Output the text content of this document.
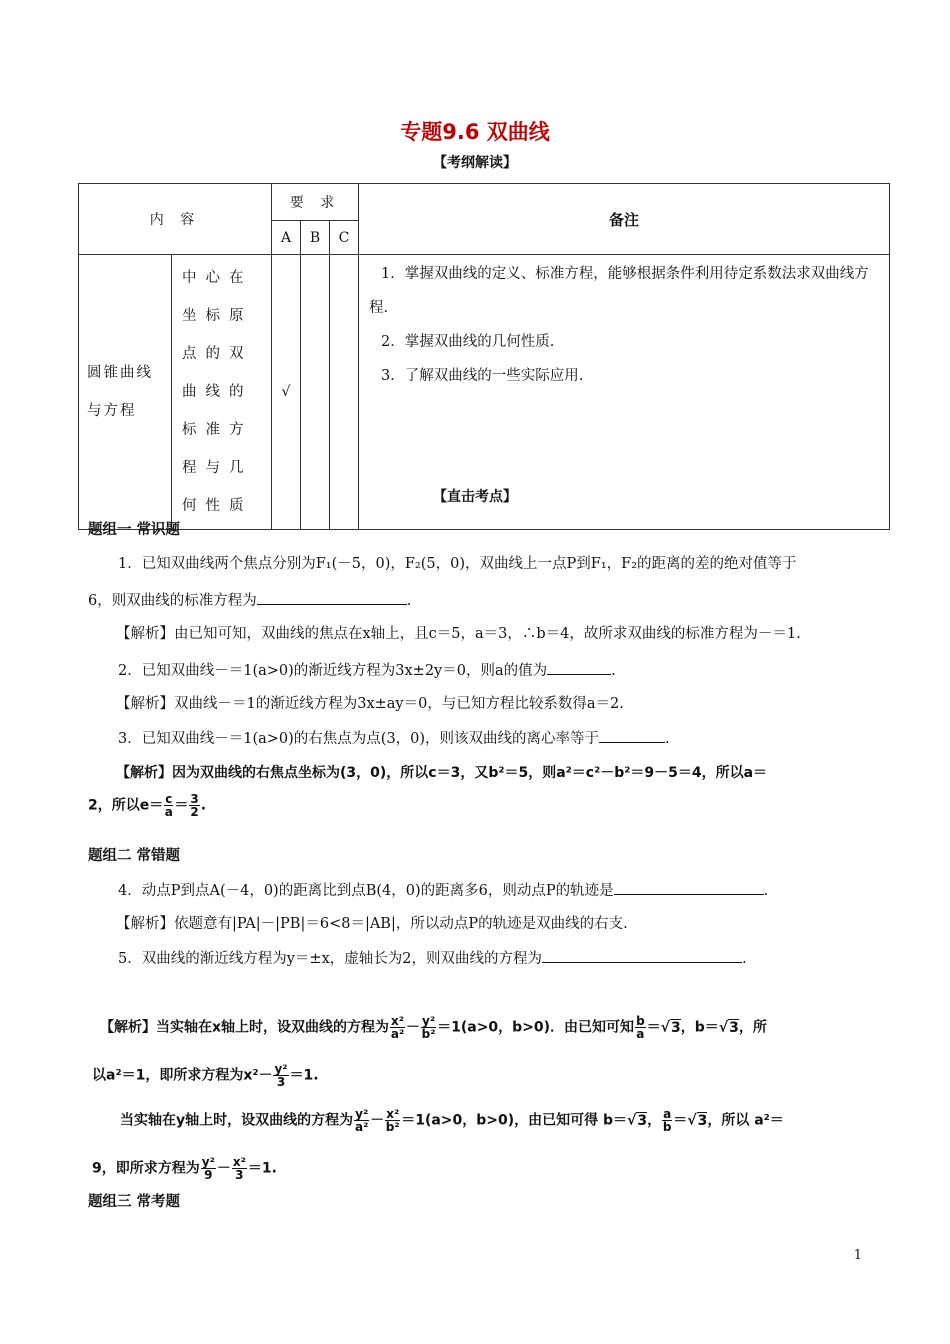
专题9.6 双曲线
【考纲解读】
内 容		要 求			备注
		A	B	C	
圆锥曲线与方程	中心在坐标原点的双曲线的标准方程与几何性质	√			1．掌握双曲线的定义、标准方程，能够根据条件利用待定系数法求双曲线方程.
2．掌握双曲线的几何性质.
3．了解双曲线的一些实际应用.
【直击考点】
题组一 常识题
1．已知双曲线两个焦点分别为F₁(－5，0)，F₂(5，0)，双曲线上一点P到F₁，F₂的距离的差的绝对值等于
6，则双曲线的标准方程为	.
【解析】由已知可知，双曲线的焦点在x轴上，且c＝5，a＝3，∴b＝4，故所求双曲线的标准方程为－＝1.
2．已知双曲线－＝1(a>0)的渐近线方程为3x±2y＝0，则a的值为	.
【解析】双曲线－＝1的渐近线方程为3x±ay＝0，与已知方程比较系数得a＝2.
3．已知双曲线－＝1(a>0)的右焦点为点(3，0)，则该双曲线的离心率等于	.
【解析】因为双曲线的右焦点坐标为(3，0)，所以c＝3，又b²＝5，则a²＝c²－b²＝9－5＝4，所以a＝
2，所以$e= \frac{c}{a} = \frac{3}{2}$ .
题组二 常错题
4．动点P到点A(－4，0)的距离比到点B(4，0)的距离多6，则动点P的轨迹是	.
【解析】依题意有|PA|－|PB|＝6<8＝|AB|，所以动点P的轨迹是双曲线的右支.
5．双曲线的渐近线方程为y＝±x，虚轴长为2，则双曲线的方程为	.
【解析】当实轴在x轴上时，设双曲线的方程为 $\frac{\text{x²}}{\text{a²}} - \frac{\text{y²}}{\text{b²}} =1(a>0$，b>0)．由已知可知 $\frac{b}{a} =√3$，b＝√3，所
以a²＝1，即所求方程为$x^2- \frac{\text{y²}}{3} =1$.
当实轴在y轴上时，设双曲线的方程为 $\frac{\text{y²}}{\text{a²}} - \frac{\text{x²}}{\text{b²}} =1(a>0$，b>0)，由已知可得 b＝√3， $\frac{a}{b} =√3$，所以 a²＝
9，即所求方程为 $\frac{\text{y²}}{9} - \frac{\text{x²}}{3} =1$.
题组三 常考题
1
